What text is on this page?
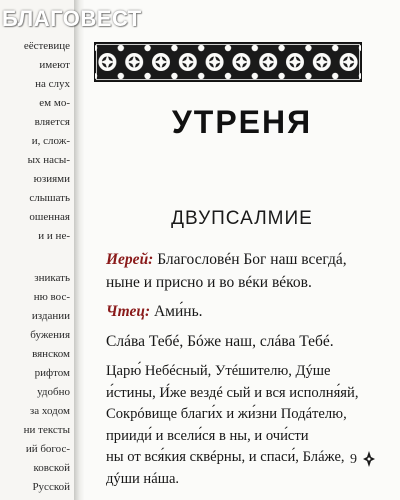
еёстевице
имеют
на слух
ем мо-
вляется
и, слож-
ых насы-
юзиями
слышать
ошенная
и и не-
зникать
ню вос-
издании
бужения
вянском
рифтом
удобно
за ходом
ни тексты
ий богос-
ковской
Русской
БЛАГОВЕСТ
УТРЕНЯ
ДВУПСАЛМИЕ
Иерей: Благословéн Бог наш всегдá,
нынe и присно и во вéки вéков.
Чтец: Ами́нь.
Слáва Тебé, Бóже наш, слáва Тебé.
Царю́ Небéсный, Утéшителю, Дýше
и́стины, И́же вездé сый и вся исполня́яй,
Сокрóвище благи́х и жи́зни Подáтелю,
прииди́ и всели́ся в ны, и очи́сти
ны от вся́кия сквéрны, и спаси́, Блáже,
дýши нáша.
9
